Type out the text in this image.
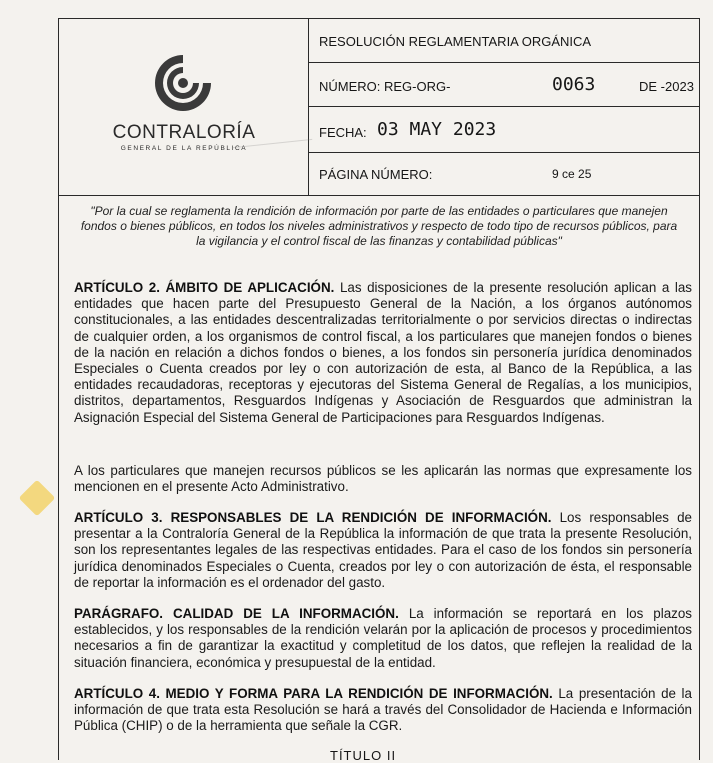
CONTRALORÍA
GENERAL DE LA REPÚBLICA
RESOLUCIÓN REGLAMENTARIA ORGÁNICA
NÚMERO: REG-ORG-	0063	DE -2023
FECHA: 03 MAY 2023
PÁGINA NÚMERO:	9 ce 25
"Por la cual se reglamenta la rendición de información por parte de las entidades o particulares que manejen fondos o bienes públicos, en todos los niveles administrativos y respecto de todo tipo de recursos públicos, para la vigilancia y el control fiscal de las finanzas y contabilidad públicas"
ARTÍCULO 2. ÁMBITO DE APLICACIÓN. Las disposiciones de la presente resolución aplican a las entidades que hacen parte del Presupuesto General de la Nación, a los órganos autónomos constitucionales, a las entidades descentralizadas territorialmente o por servicios directas o indirectas de cualquier orden, a los organismos de control fiscal, a los particulares que manejen fondos o bienes de la nación en relación a dichos fondos o bienes, a los fondos sin personería jurídica denominados Especiales o Cuenta creados por ley o con autorización de esta, al Banco de la República, a las entidades recaudadoras, receptoras y ejecutoras del Sistema General de Regalías, a los municipios, distritos, departamentos, Resguardos Indígenas y Asociación de Resguardos que administran la Asignación Especial del Sistema General de Participaciones para Resguardos Indígenas.
A los particulares que manejen recursos públicos se les aplicarán las normas que expresamente los mencionen en el presente Acto Administrativo.
ARTÍCULO 3. RESPONSABLES DE LA RENDICIÓN DE INFORMACIÓN. Los responsables de presentar a la Contraloría General de la República la información de que trata la presente Resolución, son los representantes legales de las respectivas entidades. Para el caso de los fondos sin personería jurídica denominados Especiales o Cuenta, creados por ley o con autorización de ésta, el responsable de reportar la información es el ordenador del gasto.
PARÁGRAFO. CALIDAD DE LA INFORMACIÓN. La información se reportará en los plazos establecidos, y los responsables de la rendición velarán por la aplicación de procesos y procedimientos necesarios a fin de garantizar la exactitud y completitud de los datos, que reflejen la realidad de la situación financiera, económica y presupuestal de la entidad.
ARTÍCULO 4. MEDIO Y FORMA PARA LA RENDICIÓN DE INFORMACIÓN. La presentación de la información de que trata esta Resolución se hará a través del Consolidador de Hacienda e Información Pública (CHIP) o de la herramienta que señale la CGR.
TÍTULO II
